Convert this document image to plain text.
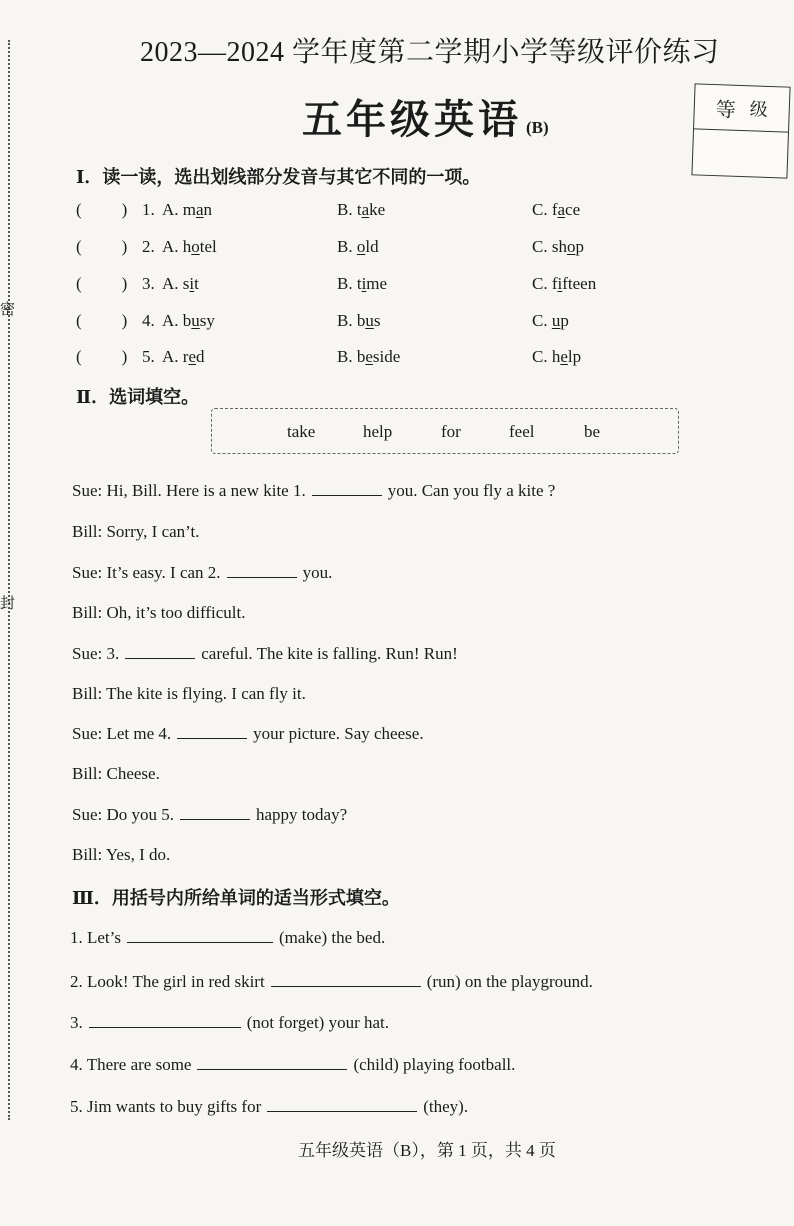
密
封
2023—2024 学年度第二学期小学等级评价练习
五年级英语 (B)
等 级
Ⅰ．读一读，选出划线部分发音与其它不同的一项。
( ) 1. A. man	B. take	C. face
( ) 2. A. hotel	B. old	C. shop
( ) 3. A. sit	B. time	C. fifteen
( ) 4. A. busy	B. bus	C. up
( ) 5. A. red	B. beside	C. help
Ⅱ．选词填空。
take	help	for	feel	be
Sue: Hi, Bill. Here is a new kite 1.	you. Can you fly a kite ?
Bill: Sorry, I can’t.
Sue: It’s easy. I can 2.	you.
Bill: Oh, it’s too difficult.
Sue: 3.	careful. The kite is falling. Run! Run!
Bill: The kite is flying. I can fly it.
Sue: Let me 4.	your picture. Say cheese.
Bill: Cheese.
Sue: Do you 5.	happy today?
Bill: Yes, I do.
Ⅲ．用括号内所给单词的适当形式填空。
1. Let’s	(make) the bed.
2. Look! The girl in red skirt	(run) on the playground.
3.	(not forget) your hat.
4. There are some	(child) playing football.
5. Jim wants to buy gifts for	(they).
五年级英语（B），第 1 页，共 4 页
